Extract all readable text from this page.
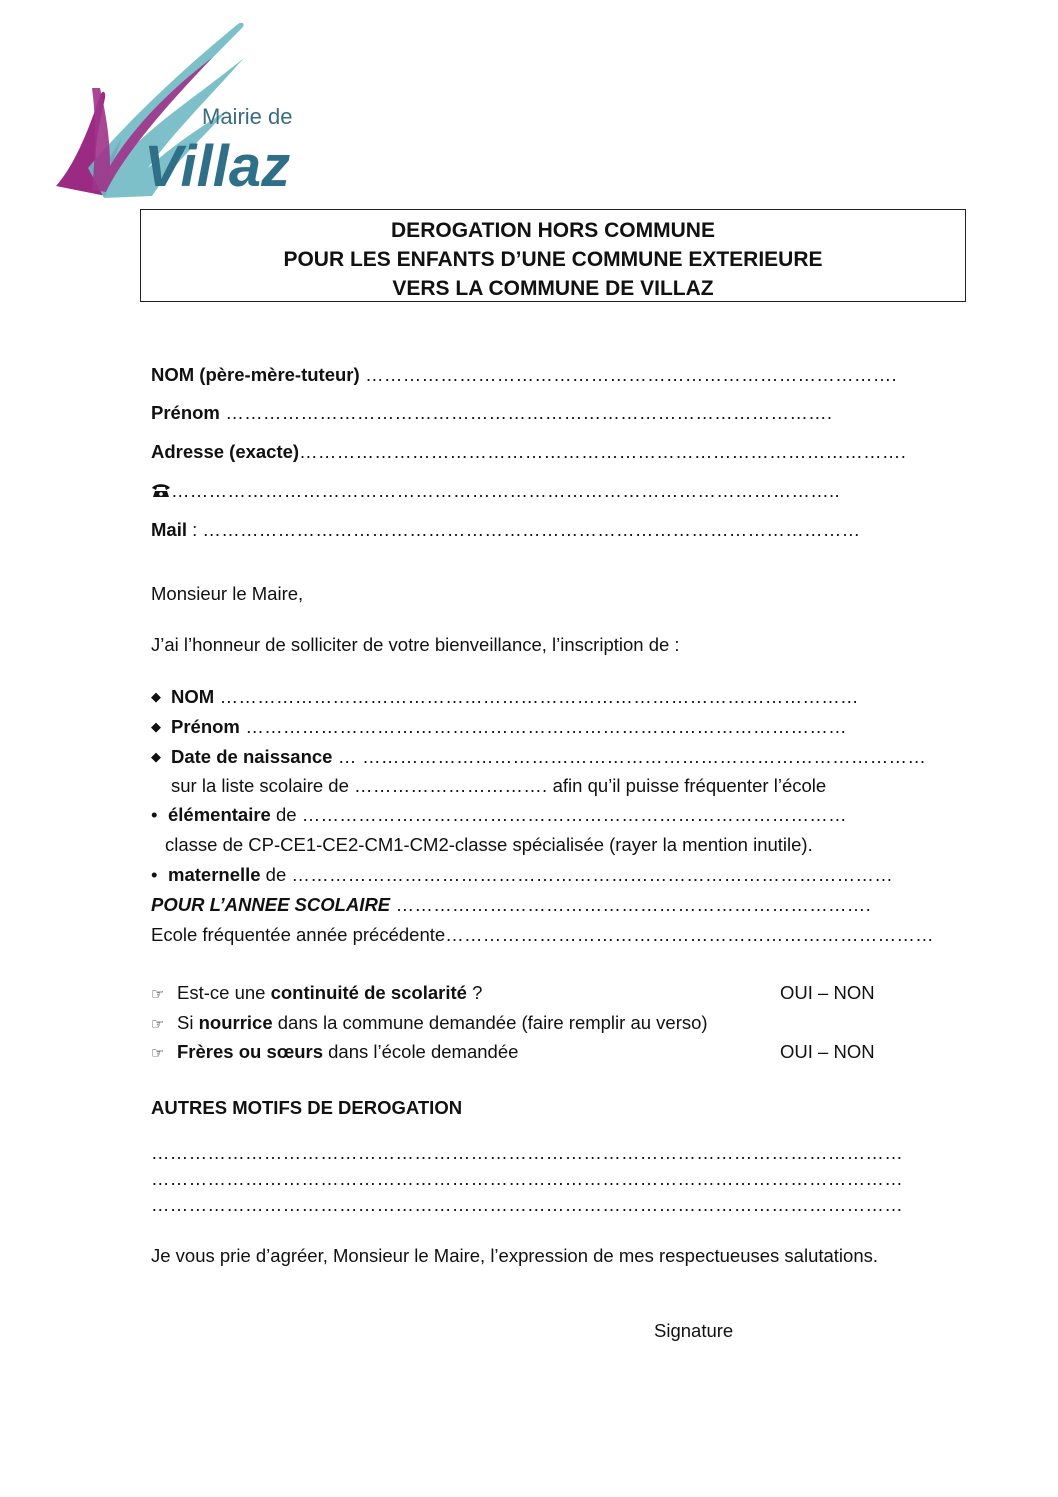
Mairie de
Villaz
DEROGATION HORS COMMUNE
POUR LES ENFANTS D’UNE COMMUNE EXTERIEURE
VERS LA COMMUNE DE VILLAZ
NOM (père-mère-tuteur) ………………………………………………………………………….
Prénom …………………………………………………………………………………….
Adresse (exacte)…………………………………………………………………………………….
……………………………………………………………………………………………..
Mail : ……………………………………………………………………………………………
Monsieur le Maire,
J’ai l’honneur de solliciter de votre bienveillance, l’inscription de :
◆ NOM …………………………………………………………………………………………
◆ Prénom ……………………………………………………………………………………
◆ Date de naissance … ………………………………………………………………………………
sur la liste scolaire de …………………………. afin qu’il puisse fréquenter l’école
• élémentaire de ……………………………………………………………………………
classe de CP-CE1-CE2-CM1-CM2-classe spécialisée (rayer la mention inutile).
• maternelle de ……………………………………………………………………………………
POUR L’ANNEE SCOLAIRE ………………………………………………………………….
Ecole fréquentée année précédente……………………………………………………………………
☞ Est-ce une continuité de scolarité ?	OUI – NON
☞ Si nourrice dans la commune demandée (faire remplir au verso)
☞ Frères ou sœurs dans l’école demandée	OUI – NON
AUTRES MOTIFS DE DEROGATION
…………………………………………………………………………………………………………
…………………………………………………………………………………………………………
…………………………………………………………………………………………………………
Je vous prie d’agréer, Monsieur le Maire, l’expression de mes respectueuses salutations.
Signature
